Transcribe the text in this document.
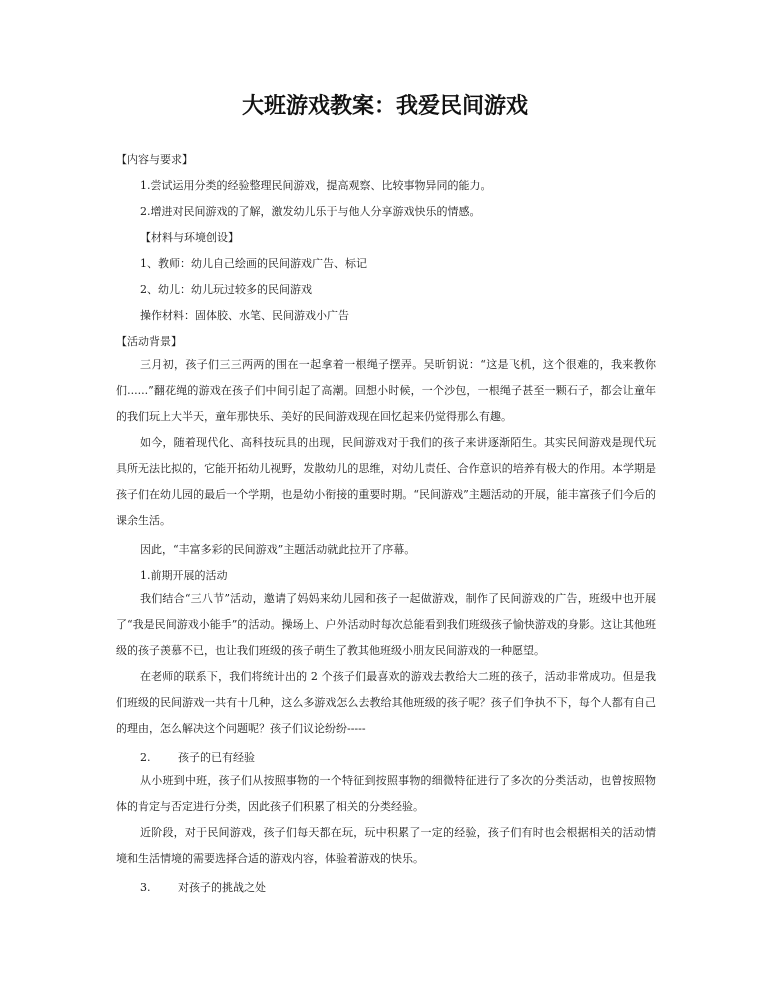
大班游戏教案：我爱民间游戏
【内容与要求】
1.尝试运用分类的经验整理民间游戏，提高观察、比较事物异同的能力。
2.增进对民间游戏的了解，激发幼儿乐于与他人分享游戏快乐的情感。
【材料与环境创设】
1、教师：幼儿自己绘画的民间游戏广告、标记
2、幼儿：幼儿玩过较多的民间游戏
操作材料：固体胶、水笔、民间游戏小广告
【活动背景】
三月初，孩子们三三两两的围在一起拿着一根绳子摆弄。吴昕钥说：“这是飞机，这个很难的，我来教你们......”翻花绳的游戏在孩子们中间引起了高潮。回想小时候，一个沙包，一根绳子甚至一颗石子，都会让童年的我们玩上大半天，童年那快乐、美好的民间游戏现在回忆起来仍觉得那么有趣。
如今，随着现代化、高科技玩具的出现，民间游戏对于我们的孩子来讲逐渐陌生。其实民间游戏是现代玩具所无法比拟的，它能开拓幼儿视野，发散幼儿的思维，对幼儿责任、合作意识的培养有极大的作用。本学期是孩子们在幼儿园的最后一个学期，也是幼小衔接的重要时期。“民间游戏”主题活动的开展，能丰富孩子们今后的课余生活。
因此，“丰富多彩的民间游戏”主题活动就此拉开了序幕。
1.前期开展的活动
我们结合“三八节”活动，邀请了妈妈来幼儿园和孩子一起做游戏，制作了民间游戏的广告，班级中也开展了“我是民间游戏小能手”的活动。操场上、户外活动时每次总能看到我们班级孩子愉快游戏的身影。这让其他班级的孩子羡慕不已，也让我们班级的孩子萌生了教其他班级小朋友民间游戏的一种愿望。
在老师的联系下，我们将统计出的 2 个孩子们最喜欢的游戏去教给大二班的孩子，活动非常成功。但是我们班级的民间游戏一共有十几种，这么多游戏怎么去教给其他班级的孩子呢？孩子们争执不下，每个人都有自己的理由，怎么解决这个问题呢？孩子们议论纷纷-----
2.	孩子的已有经验
从小班到中班，孩子们从按照事物的一个特征到按照事物的细微特征进行了多次的分类活动，也曾按照物体的肯定与否定进行分类，因此孩子们积累了相关的分类经验。
近阶段，对于民间游戏，孩子们每天都在玩，玩中积累了一定的经验，孩子们有时也会根据相关的活动情境和生活情境的需要选择合适的游戏内容，体验着游戏的快乐。
3.	对孩子的挑战之处
